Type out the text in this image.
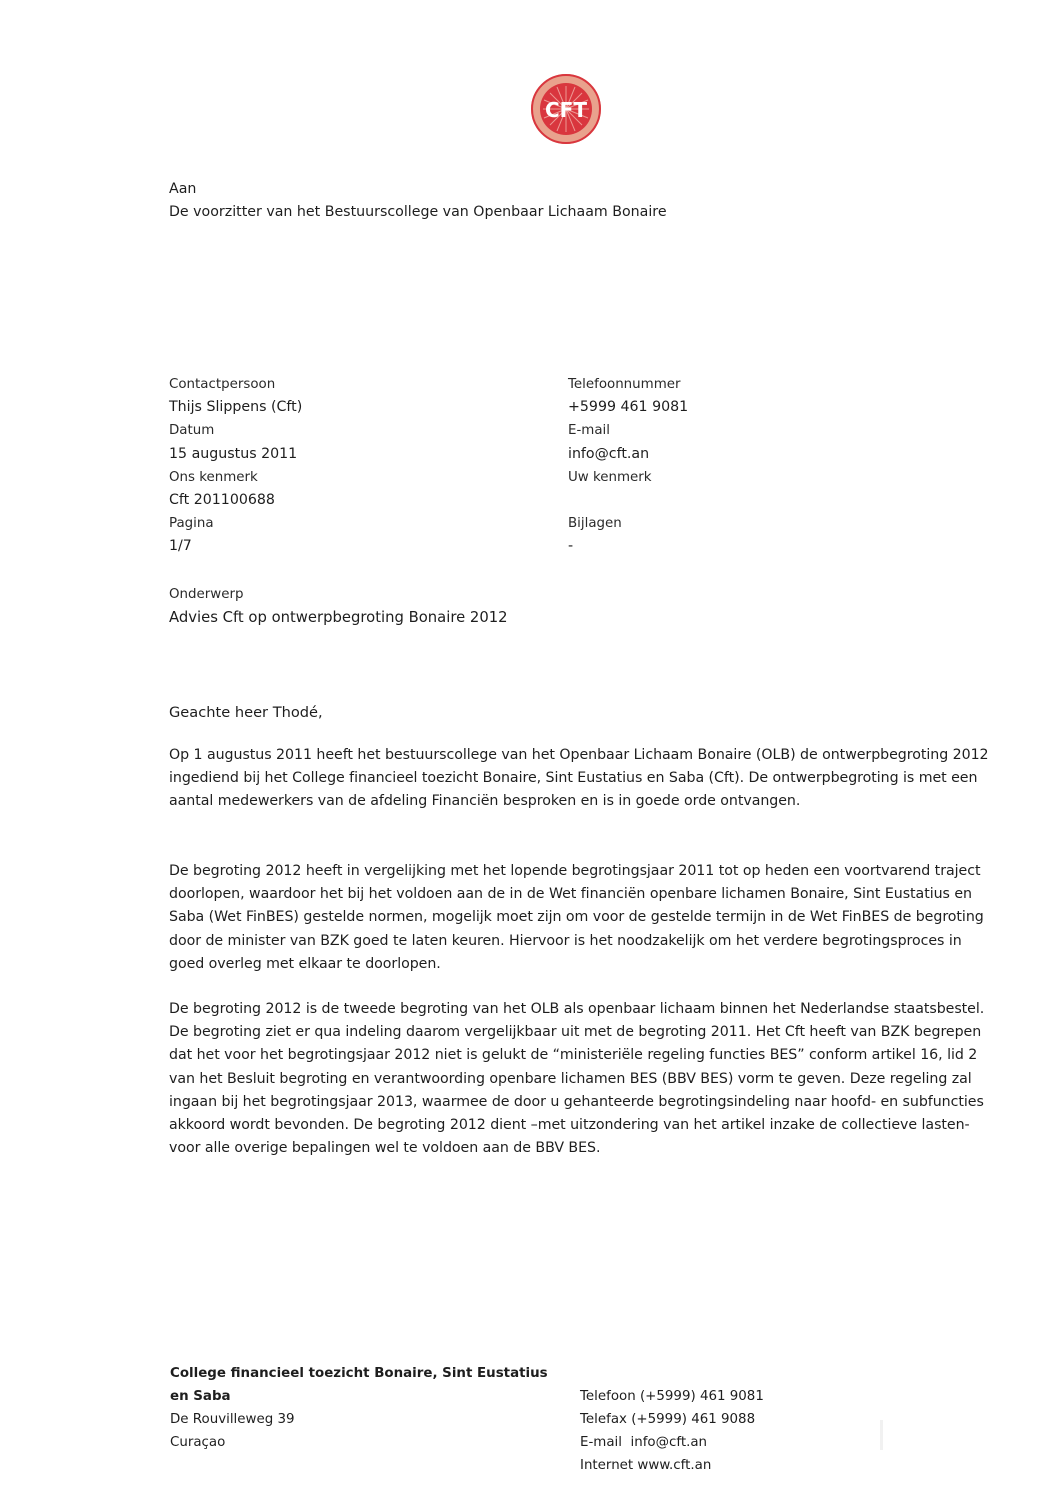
CFT
Aan
De voorzitter van het Bestuurscollege van Openbaar Lichaam Bonaire
Contactpersoon
Thijs Slippens (Cft)
Datum
15 augustus 2011
Ons kenmerk
Cft 201100688
Pagina
1/7
Telefoonnummer
+5999 461 9081
E-mail
info@cft.an
Uw kenmerk
Bijlagen
-
Onderwerp
Advies Cft op ontwerpbegroting Bonaire 2012
Geachte heer Thodé,
Op 1 augustus 2011 heeft het bestuurscollege van het Openbaar Lichaam Bonaire (OLB) de ontwerpbegroting 2012 ingediend bij het College financieel toezicht Bonaire, Sint Eustatius en Saba (Cft). De ontwerpbegroting is met een aantal medewerkers van de afdeling Financiën besproken en is in goede orde ontvangen.
De begroting 2012 heeft in vergelijking met het lopende begrotingsjaar 2011 tot op heden een voortvarend traject doorlopen, waardoor het bij het voldoen aan de in de Wet financiën openbare lichamen Bonaire, Sint Eustatius en Saba (Wet FinBES) gestelde normen, mogelijk moet zijn om voor de gestelde termijn in de Wet FinBES de begroting door de minister van BZK goed te laten keuren. Hiervoor is het noodzakelijk om het verdere begrotingsproces in goed overleg met elkaar te doorlopen.
De begroting 2012 is de tweede begroting van het OLB als openbaar lichaam binnen het Nederlandse staatsbestel. De begroting ziet er qua indeling daarom vergelijkbaar uit met de begroting 2011. Het Cft heeft van BZK begrepen dat het voor het begrotingsjaar 2012 niet is gelukt de “ministeriële regeling functies BES” conform artikel 16, lid 2 van het Besluit begroting en verantwoording openbare lichamen BES (BBV BES) vorm te geven. Deze regeling zal ingaan bij het begrotingsjaar 2013, waarmee de door u gehanteerde begrotingsindeling naar hoofd- en subfuncties akkoord wordt bevonden. De begroting 2012 dient –met uitzondering van het artikel inzake de collectieve lasten- voor alle overige bepalingen wel te voldoen aan de BBV BES.
College financieel toezicht Bonaire, Sint Eustatius
en Saba
De Rouvilleweg 39
Curaçao
Telefoon (+5999) 461 9081
Telefax (+5999) 461 9088
E-mail  info@cft.an
Internet www.cft.an
